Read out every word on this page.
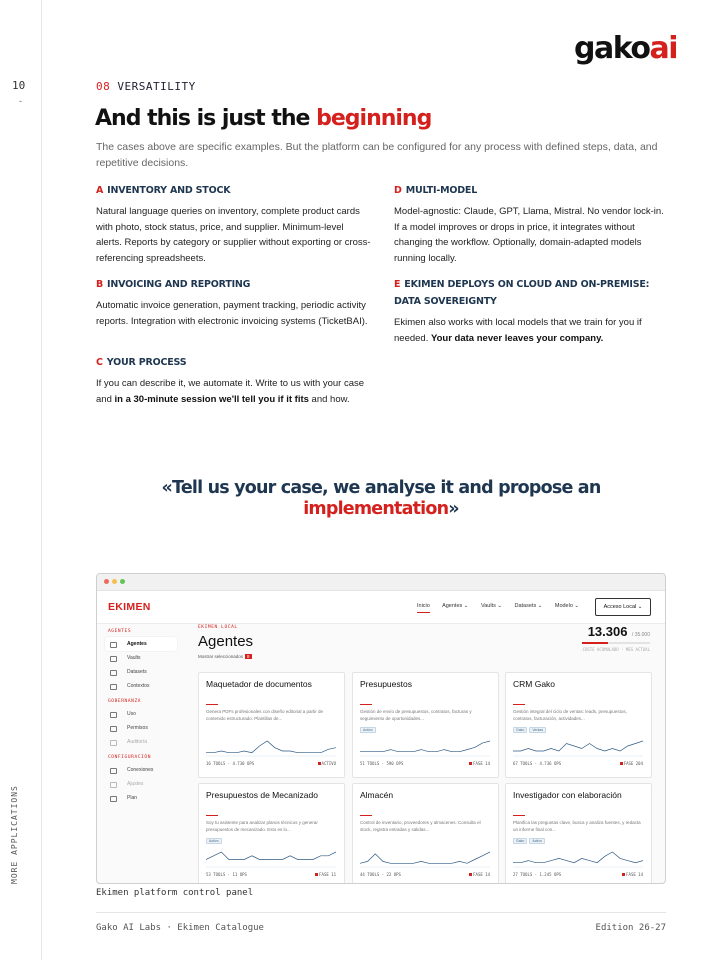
10
-
MORE APPLICATIONS
gakoai
08 VERSATILITY
And this is just the beginning
The cases above are specific examples. But the platform can be configured for any process with defined steps, data, and repetitive decisions.
A INVENTORY AND STOCK
Natural language queries on inventory, complete product cards with photo, stock status, price, and supplier. Minimum-level alerts. Reports by category or supplier without exporting or cross-referencing spreadsheets.
B INVOICING AND REPORTING
Automatic invoice generation, payment tracking, periodic activity reports. Integration with electronic invoicing systems (TicketBAI).
C YOUR PROCESS
If you can describe it, we automate it. Write to us with your case and in a 30-minute session we'll tell you if it fits and how.
D MULTI-MODEL
Model-agnostic: Claude, GPT, Llama, Mistral. No vendor lock-in. If a model improves or drops in price, it integrates without changing the workflow. Optionally, domain-adapted models running locally.
E EKIMEN DEPLOYS ON CLOUD AND ON-PREMISE: DATA SOVEREIGNTY
Ekimen also works with local models that we train for you if needed. Your data never leaves your company.
«Tell us your case, we analyse it and propose an
implementation»
EKIMEN	Inicio Agentes ⌄ Vaults ⌄ Datasets ⌄ Modelo ⌄	Acceso Local ⌄
AGENTES
Agentes
Vaults
Datasets
Contextos
GOBERNANZA
Uso
Permisos
Auditoría
CONFIGURACIÓN
Conexiones
Ajustes
Plan
EKIMEN LOCAL
Agentes
Mostrar seleccionados 8
13.306 / 35.000
COSTE ACUMULADO · MES ACTUAL
Maquetador de documentos
Genera PDFs profesionales con diseño editorial a partir de contenido estructurado. Plantillas de...
16 TOOLS · 4.730 OPS	ACTIVO
Presupuestos
Gestión de envío de presupuestos, contratos, facturas y seguimiento de oportunidades...
Activo
51 TOOLS · 590 OPS	FASE 14
CRM Gako
Gestión integral del ciclo de ventas: leads, presupuestos, contratos, facturación, actividades...
Gako Ventas
67 TOOLS · 4.736 OPS	FASE 204
Presupuestos de Mecanizado
Soy tu asistente para analizar planos técnicos y generar presupuestos de mecanizado. Esto es lo...
Activo
53 TOOLS · 11 OPS	FASE 11
Almacén
Control de inventario, proveedores y almacenes. Consulta el stock, registra entradas y salidas...
44 TOOLS · 22 OPS	FASE 14
Investigador con elaboración
Planifica las preguntas clave, busca y analiza fuentes, y redacta un informe final con...
Gako Activo
27 TOOLS · 1.245 OPS	FASE 14
Ekimen platform control panel
Gako AI Labs · Ekimen Catalogue	Edition 26-27
